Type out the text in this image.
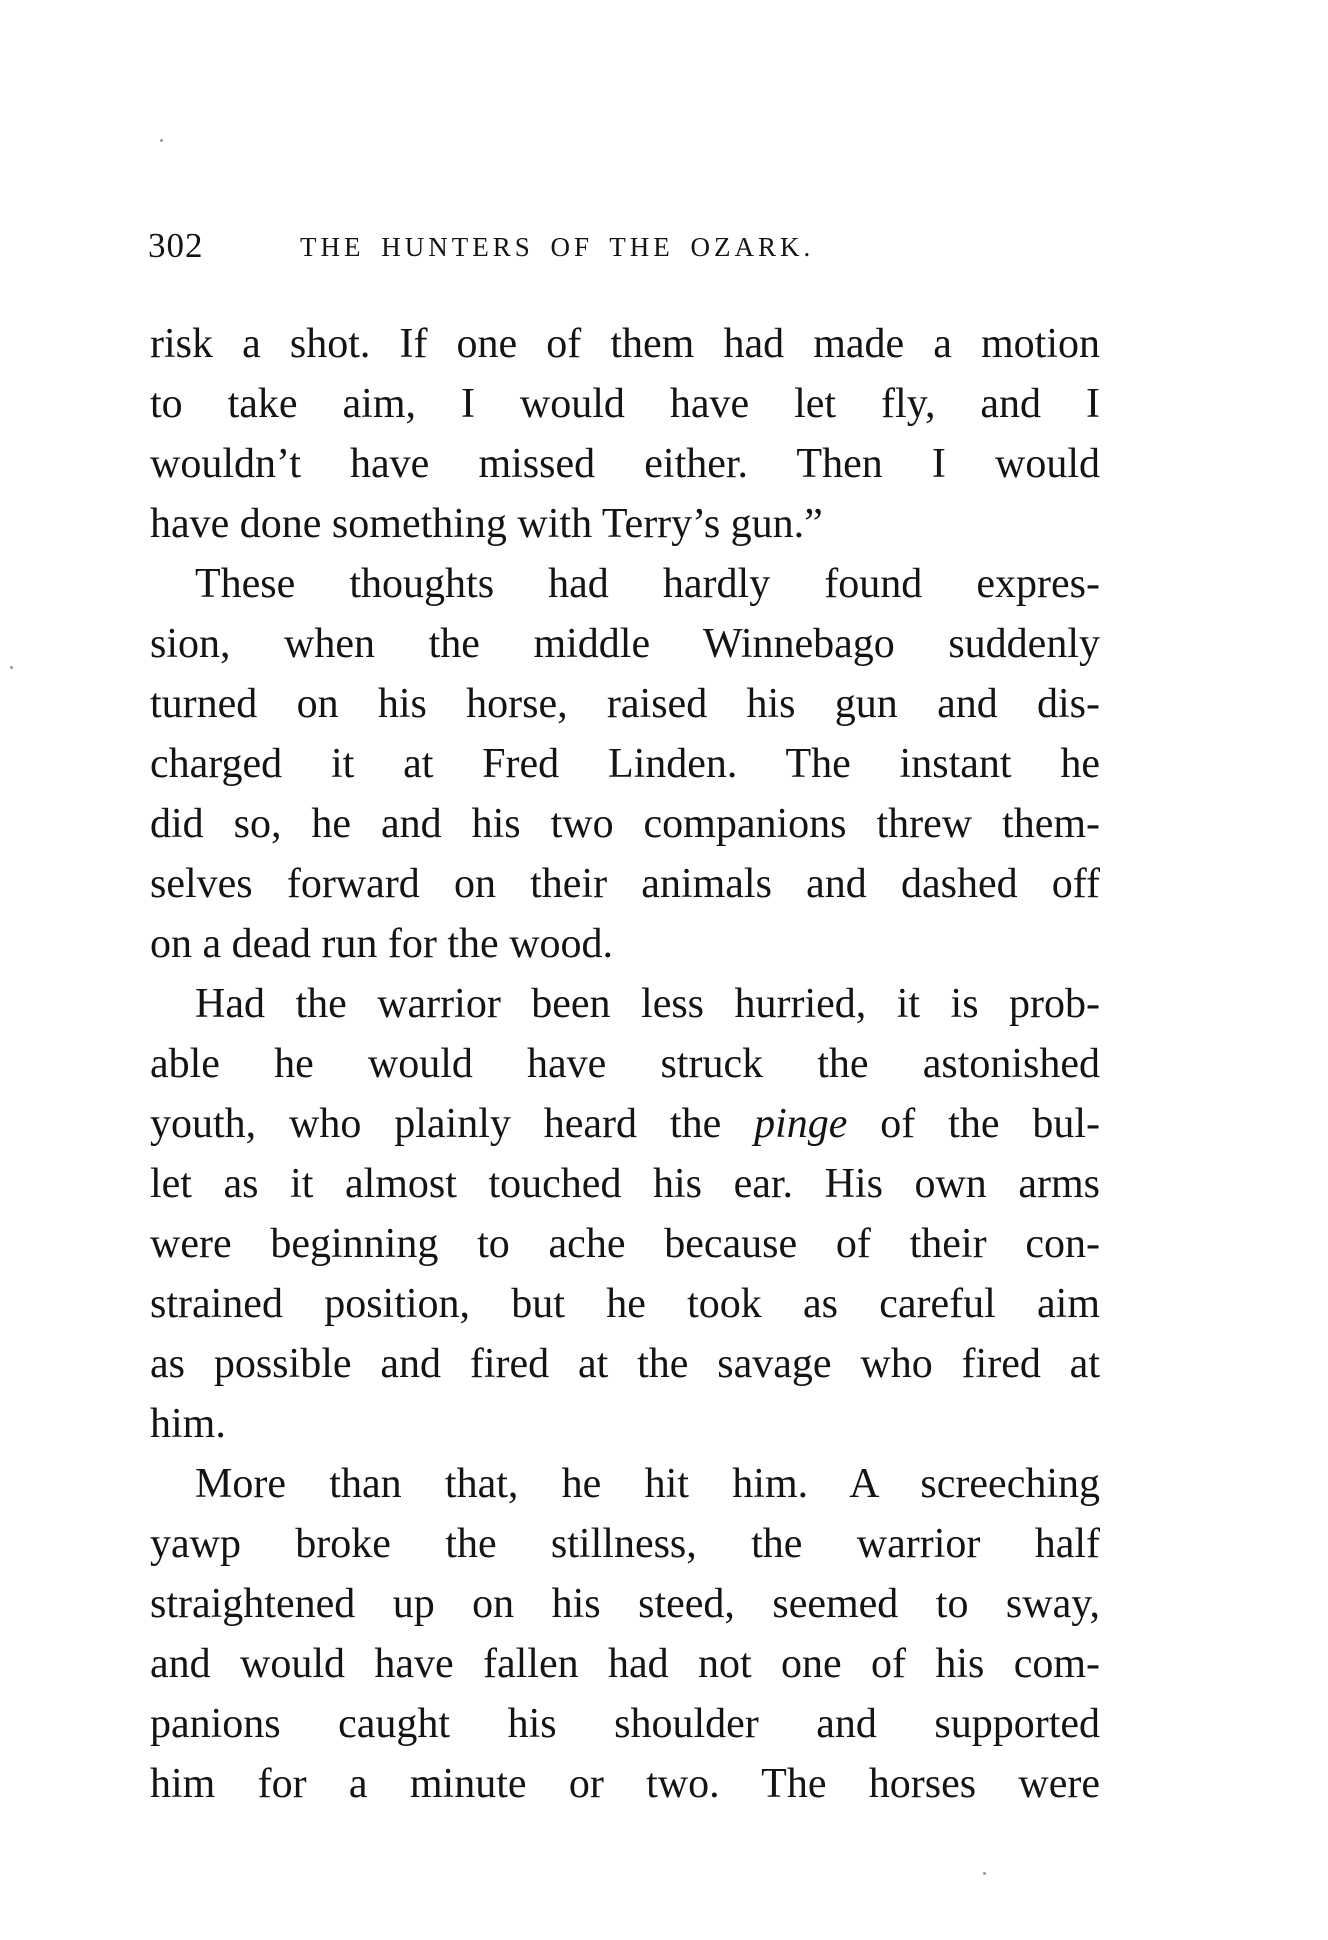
302	THE HUNTERS OF THE OZARK.
risk a shot. If one of them had made a motion
to take aim, I would have let fly, and I
wouldn’t have missed either. Then I would
have done something with Terry’s gun.”
These thoughts had hardly found expres-
sion, when the middle Winnebago suddenly
turned on his horse, raised his gun and dis-
charged it at Fred Linden. The instant he
did so, he and his two companions threw them-
selves forward on their animals and dashed off
on a dead run for the wood.
Had the warrior been less hurried, it is prob-
able he would have struck the astonished
youth, who plainly heard the pinge of the bul-
let as it almost touched his ear. His own arms
were beginning to ache because of their con-
strained position, but he took as careful aim
as possible and fired at the savage who fired at
him.
More than that, he hit him. A screeching
yawp broke the stillness, the warrior half
straightened up on his steed, seemed to sway,
and would have fallen had not one of his com-
panions caught his shoulder and supported
him for a minute or two. The horses were
